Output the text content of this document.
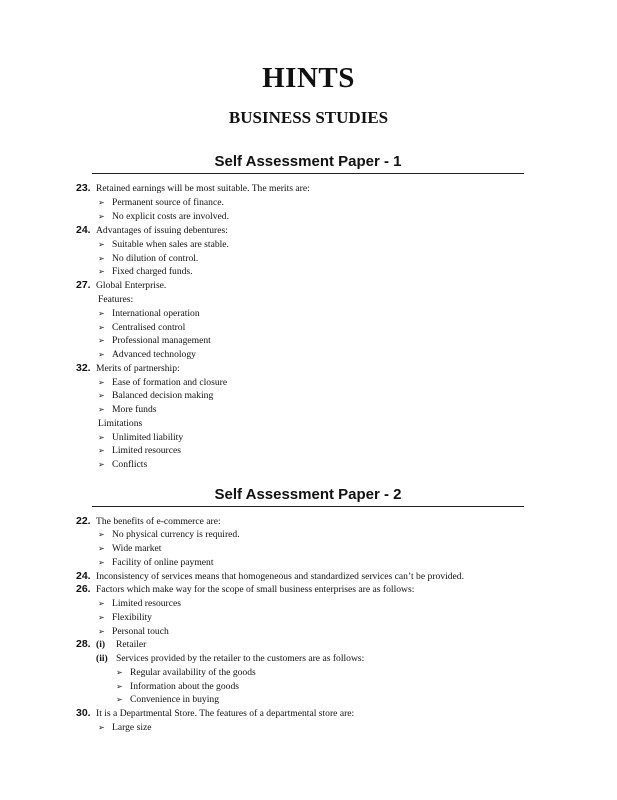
HINTS
BUSINESS STUDIES
Self Assessment Paper - 1
23. Retained earnings will be most suitable. The merits are:
➢ Permanent source of finance.
➢ No explicit costs are involved.
24. Advantages of issuing debentures:
➢ Suitable when sales are stable.
➢ No dilution of control.
➢ Fixed charged funds.
27. Global Enterprise.
Features:
➢ International operation
➢ Centralised control
➢ Professional management
➢ Advanced technology
32. Merits of partnership:
➢ Ease of formation and closure
➢ Balanced decision making
➢ More funds
Limitations
➢ Unlimited liability
➢ Limited resources
➢ Conflicts
Self Assessment Paper - 2
22. The benefits of e-commerce are:
➢ No physical currency is required.
➢ Wide market
➢ Facility of online payment
24. Inconsistency of services means that homogeneous and standardized services can’t be provided.
26. Factors which make way for the scope of small business enterprises are as follows:
➢ Limited resources
➢ Flexibility
➢ Personal touch
28. (i) Retailer
(ii) Services provided by the retailer to the customers are as follows:
➢ Regular availability of the goods
➢ Information about the goods
➢ Convenience in buying
30. It is a Departmental Store. The features of a departmental store are:
➢ Large size
